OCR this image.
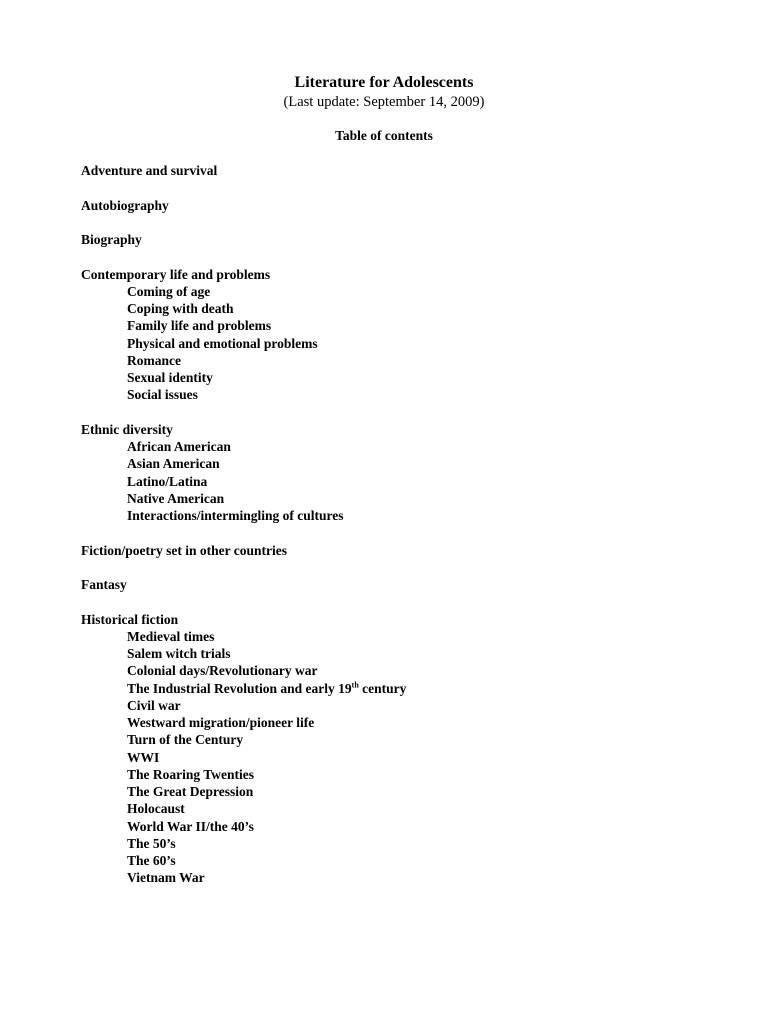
Literature for Adolescents
(Last update: September 14, 2009)
Table of contents
Adventure and survival
Autobiography
Biography
Contemporary life and problems
Coming of age
Coping with death
Family life and problems
Physical and emotional problems
Romance
Sexual identity
Social issues
Ethnic diversity
African American
Asian American
Latino/Latina
Native American
Interactions/intermingling of cultures
Fiction/poetry set in other countries
Fantasy
Historical fiction
Medieval times
Salem witch trials
Colonial days/Revolutionary war
The Industrial Revolution and early 19th century
Civil war
Westward migration/pioneer life
Turn of the Century
WWI
The Roaring Twenties
The Great Depression
Holocaust
World War II/the 40’s
The 50’s
The 60’s
Vietnam War
